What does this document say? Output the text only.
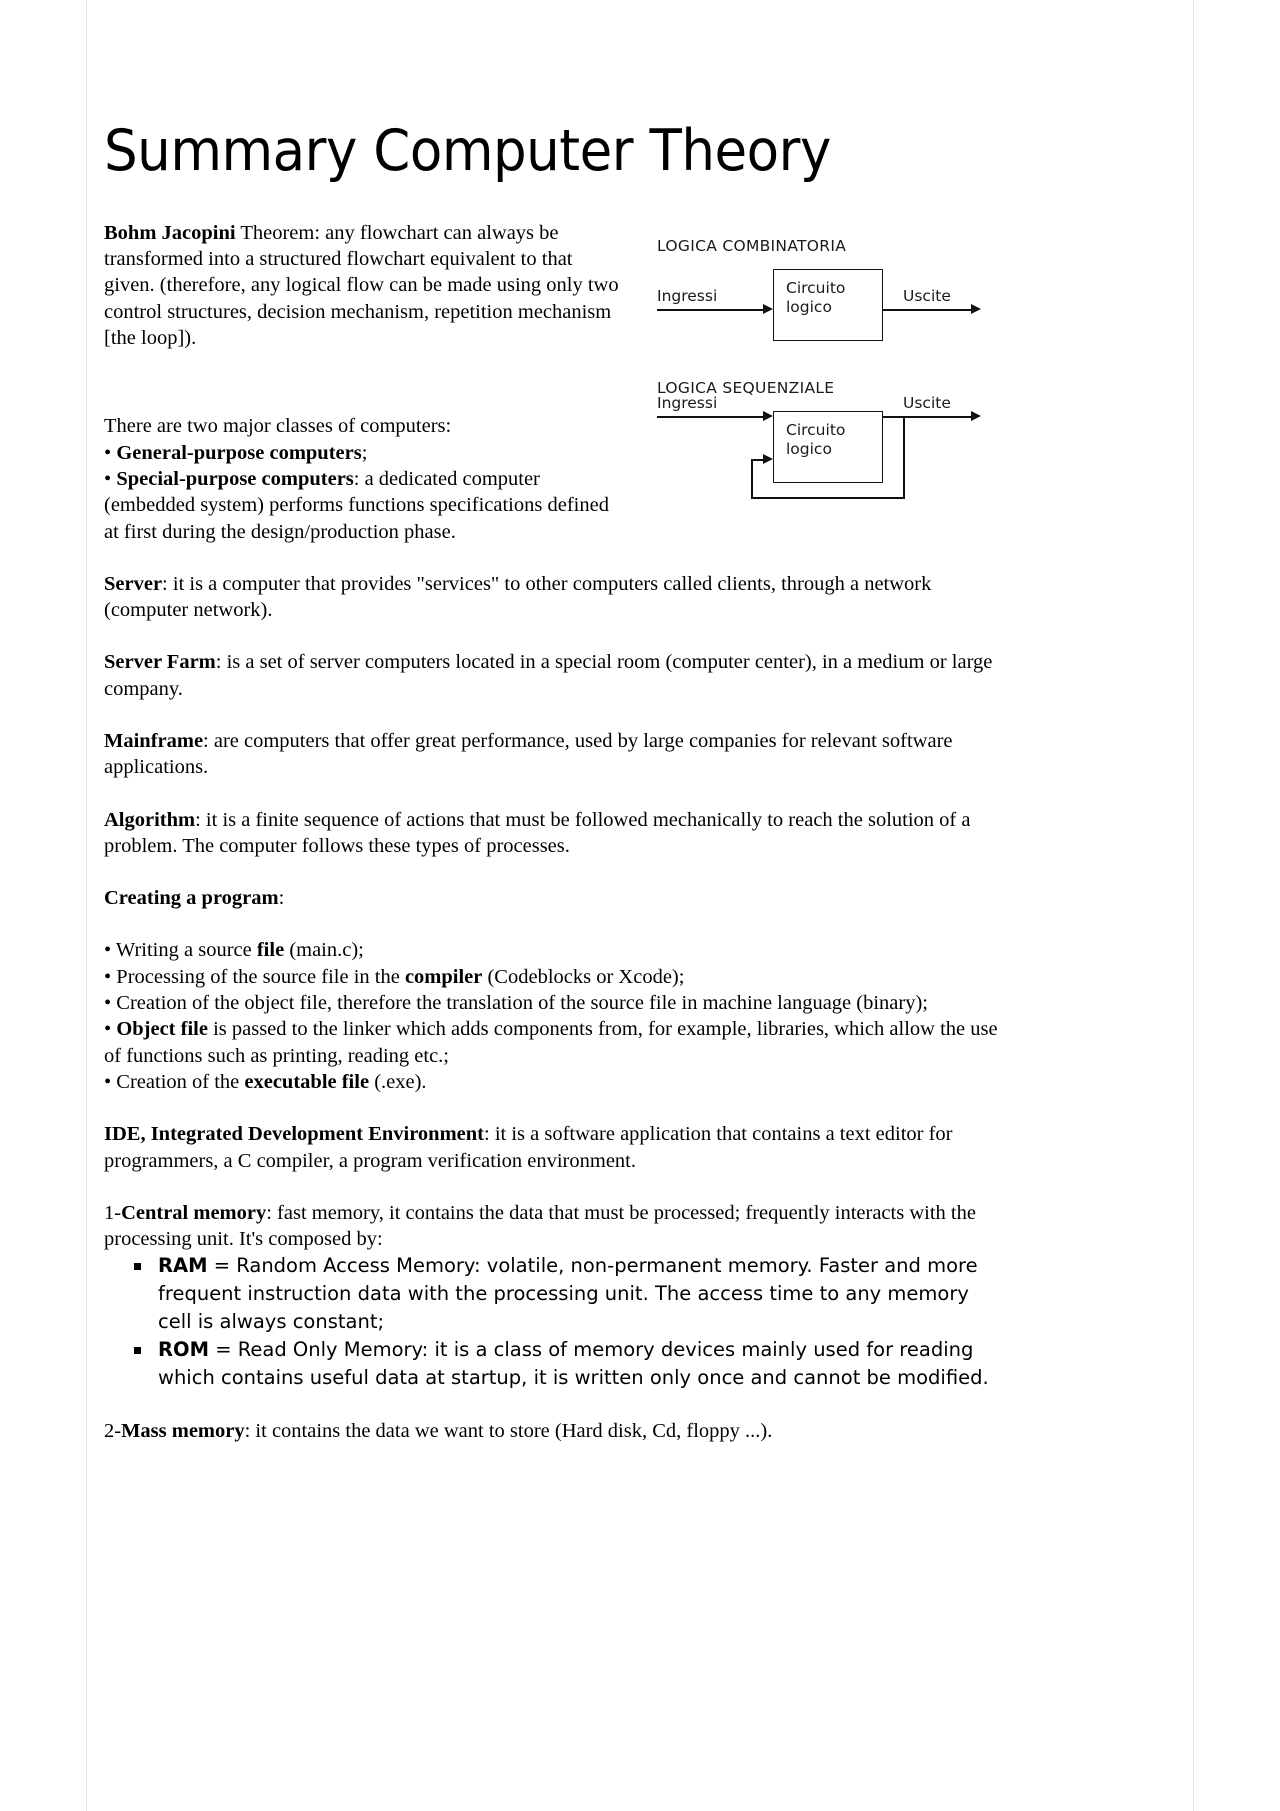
Summary Computer Theory

Bohm Jacopini Theorem: any flowchart can always be transformed into a structured flowchart equivalent to that given. (therefore, any logical flow can be made using only two control structures, decision mechanism, repetition mechanism [the loop]).

There are two major classes of computers:

• General-purpose computers;

• Special-purpose computers: a dedicated computer (embedded system) performs functions specifications defined at first during the design/production phase.

Server: it is a computer that provides "services" to other computers called clients, through a network (computer network).

Server Farm: is a set of server computers located in a special room (computer center), in a medium or large company.

Mainframe: are computers that offer great performance, used by large companies for relevant software applications.

Algorithm: it is a finite sequence of actions that must be followed mechanically to reach the solution of a problem. The computer follows these types of processes.

Creating a program:

• Writing a source file (main.c);

• Processing of the source file in the compiler (Codeblocks or Xcode);

• Creation of the object file, therefore the translation of the source file in machine language (binary);

• Object file is passed to the linker which adds components from, for example, libraries, which allow the use of functions such as printing, reading etc.;

• Creation of the executable file (.exe).

IDE, Integrated Development Environment: it is a software application that contains a text editor for programmers, a C compiler, a program verification environment.

1-Central memory: fast memory, it contains the data that must be processed; frequently interacts with the processing unit. It's composed by:

RAM = Random Access Memory: volatile, non-permanent memory. Faster and more frequent instruction data with the processing unit. The access time to any memory cell is always constant;
ROM = Read Only Memory: it is a class of memory devices mainly used for reading which contains useful data at startup, it is written only once and cannot be modified.

2-Mass memory: it contains the data we want to store (Hard disk, Cd, floppy ...).

LOGICA COMBINATORIA
Circuito
logico
Ingressi	Uscite
LOGICA SEQUENZIALE
Circuito
logico
Ingressi	Uscite
